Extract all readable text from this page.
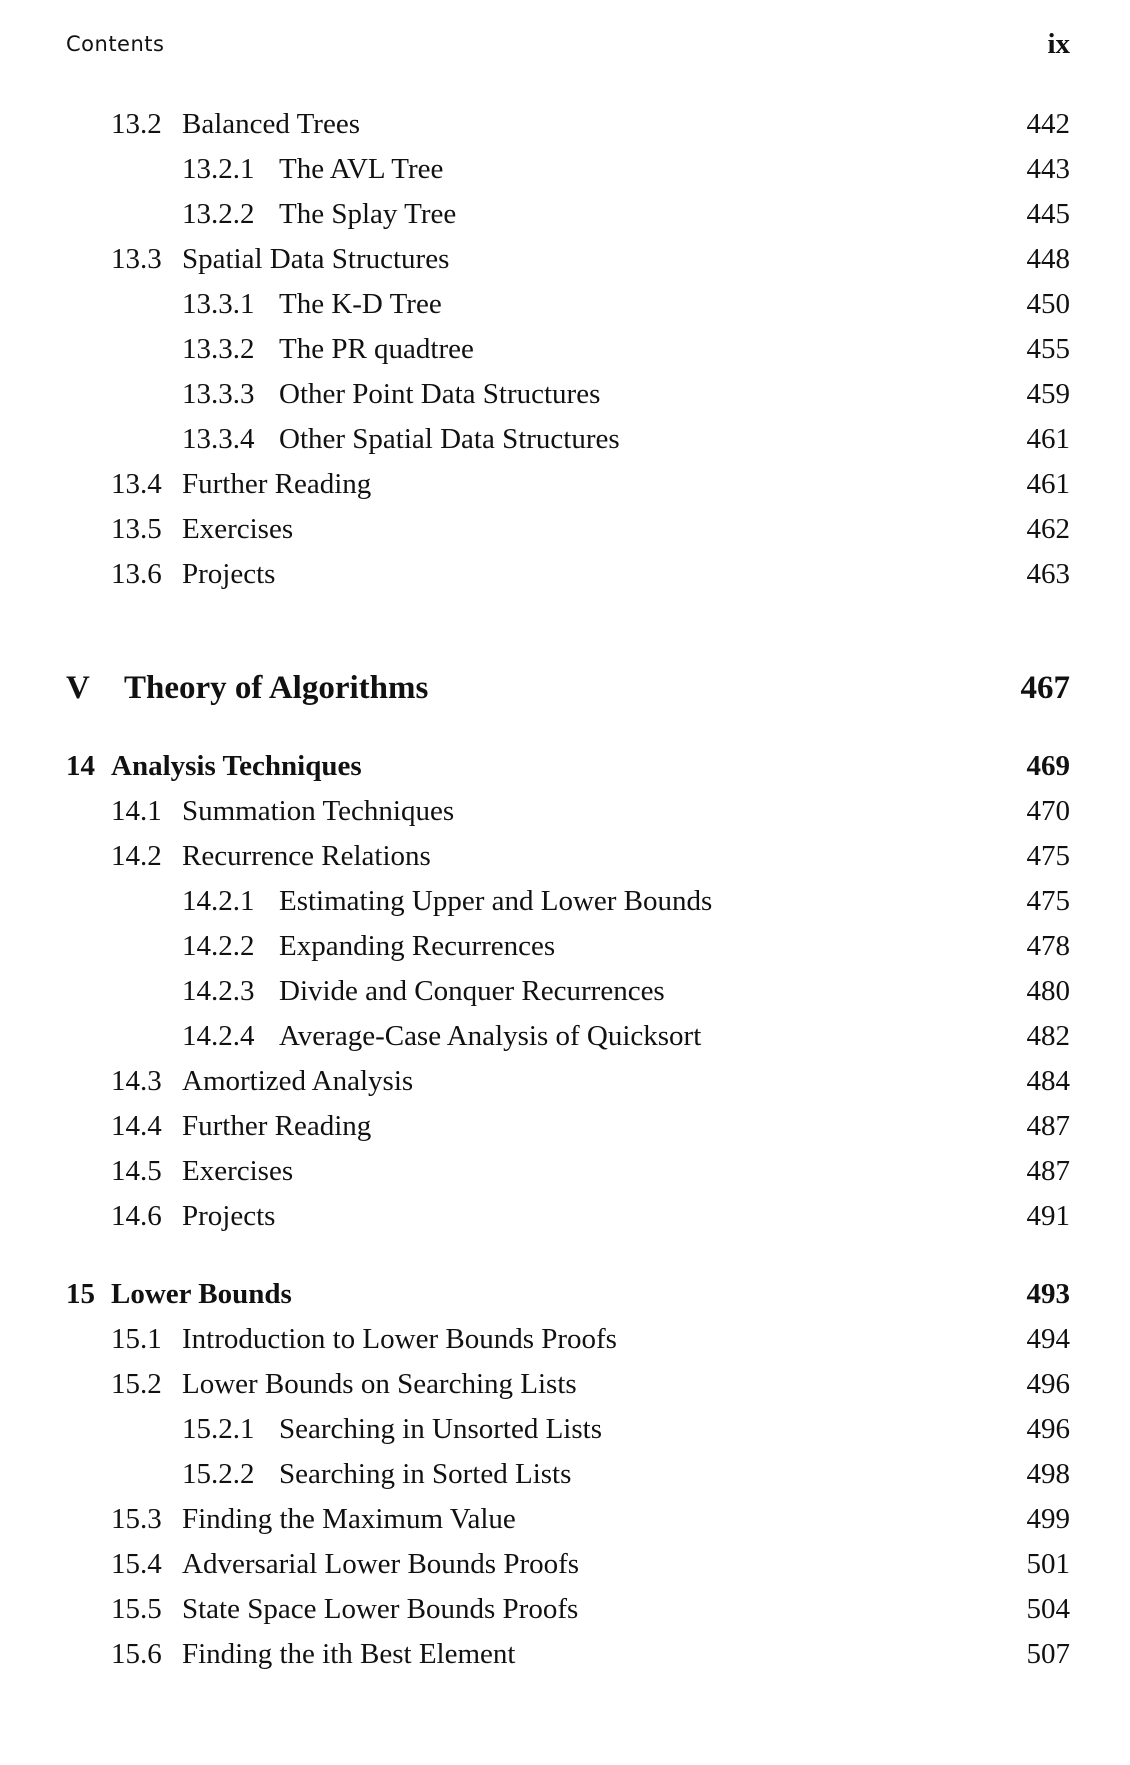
Contents	ix
13.2 Balanced Trees	442
13.2.1 The AVL Tree	443
13.2.2 The Splay Tree	445
13.3 Spatial Data Structures	448
13.3.1 The K-D Tree	450
13.3.2 The PR quadtree	455
13.3.3 Other Point Data Structures	459
13.3.4 Other Spatial Data Structures	461
13.4 Further Reading	461
13.5 Exercises	462
13.6 Projects	463
V Theory of Algorithms	467
14 Analysis Techniques	469
14.1 Summation Techniques	470
14.2 Recurrence Relations	475
14.2.1 Estimating Upper and Lower Bounds	475
14.2.2 Expanding Recurrences	478
14.2.3 Divide and Conquer Recurrences	480
14.2.4 Average-Case Analysis of Quicksort	482
14.3 Amortized Analysis	484
14.4 Further Reading	487
14.5 Exercises	487
14.6 Projects	491
15 Lower Bounds	493
15.1 Introduction to Lower Bounds Proofs	494
15.2 Lower Bounds on Searching Lists	496
15.2.1 Searching in Unsorted Lists	496
15.2.2 Searching in Sorted Lists	498
15.3 Finding the Maximum Value	499
15.4 Adversarial Lower Bounds Proofs	501
15.5 State Space Lower Bounds Proofs	504
15.6 Finding the ith Best Element	507
